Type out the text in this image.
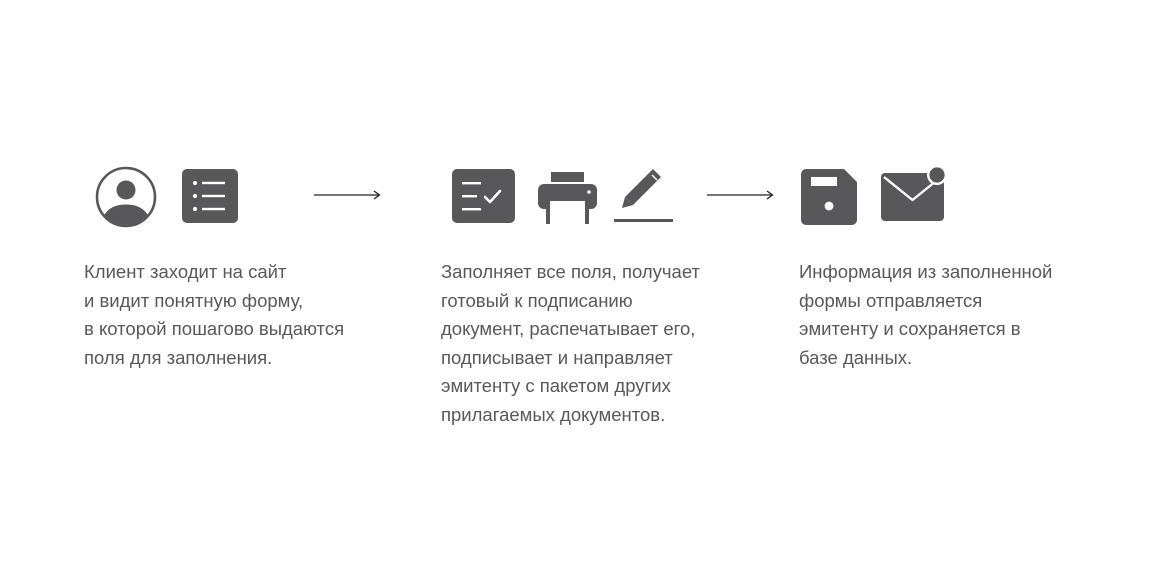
Клиент заходит на сайт
и видит понятную форму,
в которой пошагово выдаются
поля для заполнения.
Заполняет все поля, получает
готовый к подписанию
документ, распечатывает его,
подписывает и направляет
эмитенту с пакетом других
прилагаемых документов.
Информация из заполненной
формы отправляется
эмитенту и сохраняется в
базе данных.
